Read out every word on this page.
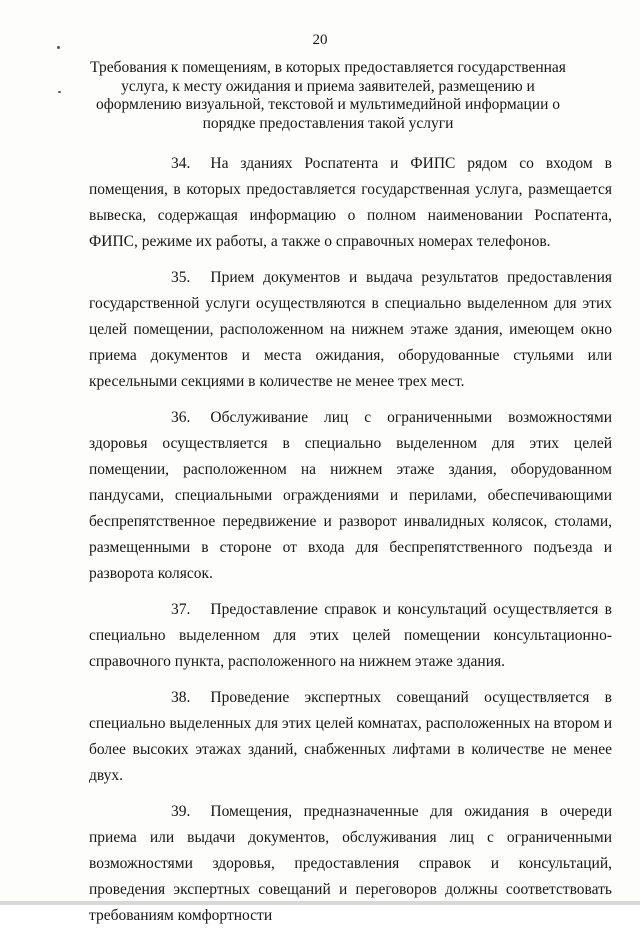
20
Требования к помещениям, в которых предоставляется государственная услуга, к месту ожидания и приема заявителей, размещению и оформлению визуальной, текстовой и мультимедийной информации о порядке предоставления такой услуги

34. На зданиях Роспатента и ФИПС рядом со входом в помещения, в которых предоставляется государственная услуга, размещается вывеска, содержащая информацию о полном наименовании Роспатента, ФИПС, режиме их работы, а также о справочных номерах телефонов.

35. Прием документов и выдача результатов предоставления государственной услуги осуществляются в специально выделенном для этих целей помещении, расположенном на нижнем этаже здания, имеющем окно приема документов и места ожидания, оборудованные стульями или кресельными секциями в количестве не менее трех мест.

36. Обслуживание лиц с ограниченными возможностями здоровья осуществляется в специально выделенном для этих целей помещении, расположенном на нижнем этаже здания, оборудованном пандусами, специальными ограждениями и перилами, обеспечивающими беспрепятственное передвижение и разворот инвалидных колясок, столами, размещенными в стороне от входа для беспрепятственного подъезда и разворота колясок.

37. Предоставление справок и консультаций осуществляется в специально выделенном для этих целей помещении консультационно-справочного пункта, расположенного на нижнем этаже здания.

38. Проведение экспертных совещаний осуществляется в специально выделенных для этих целей комнатах, расположенных на втором и более высоких этажах зданий, снабженных лифтами в количестве не менее двух.

39. Помещения, предназначенные для ожидания в очереди приема или выдачи документов, обслуживания лиц с ограниченными возможностями здоровья, предоставления справок и консультаций, проведения экспертных совещаний и переговоров должны соответствовать требованиям комфортности
